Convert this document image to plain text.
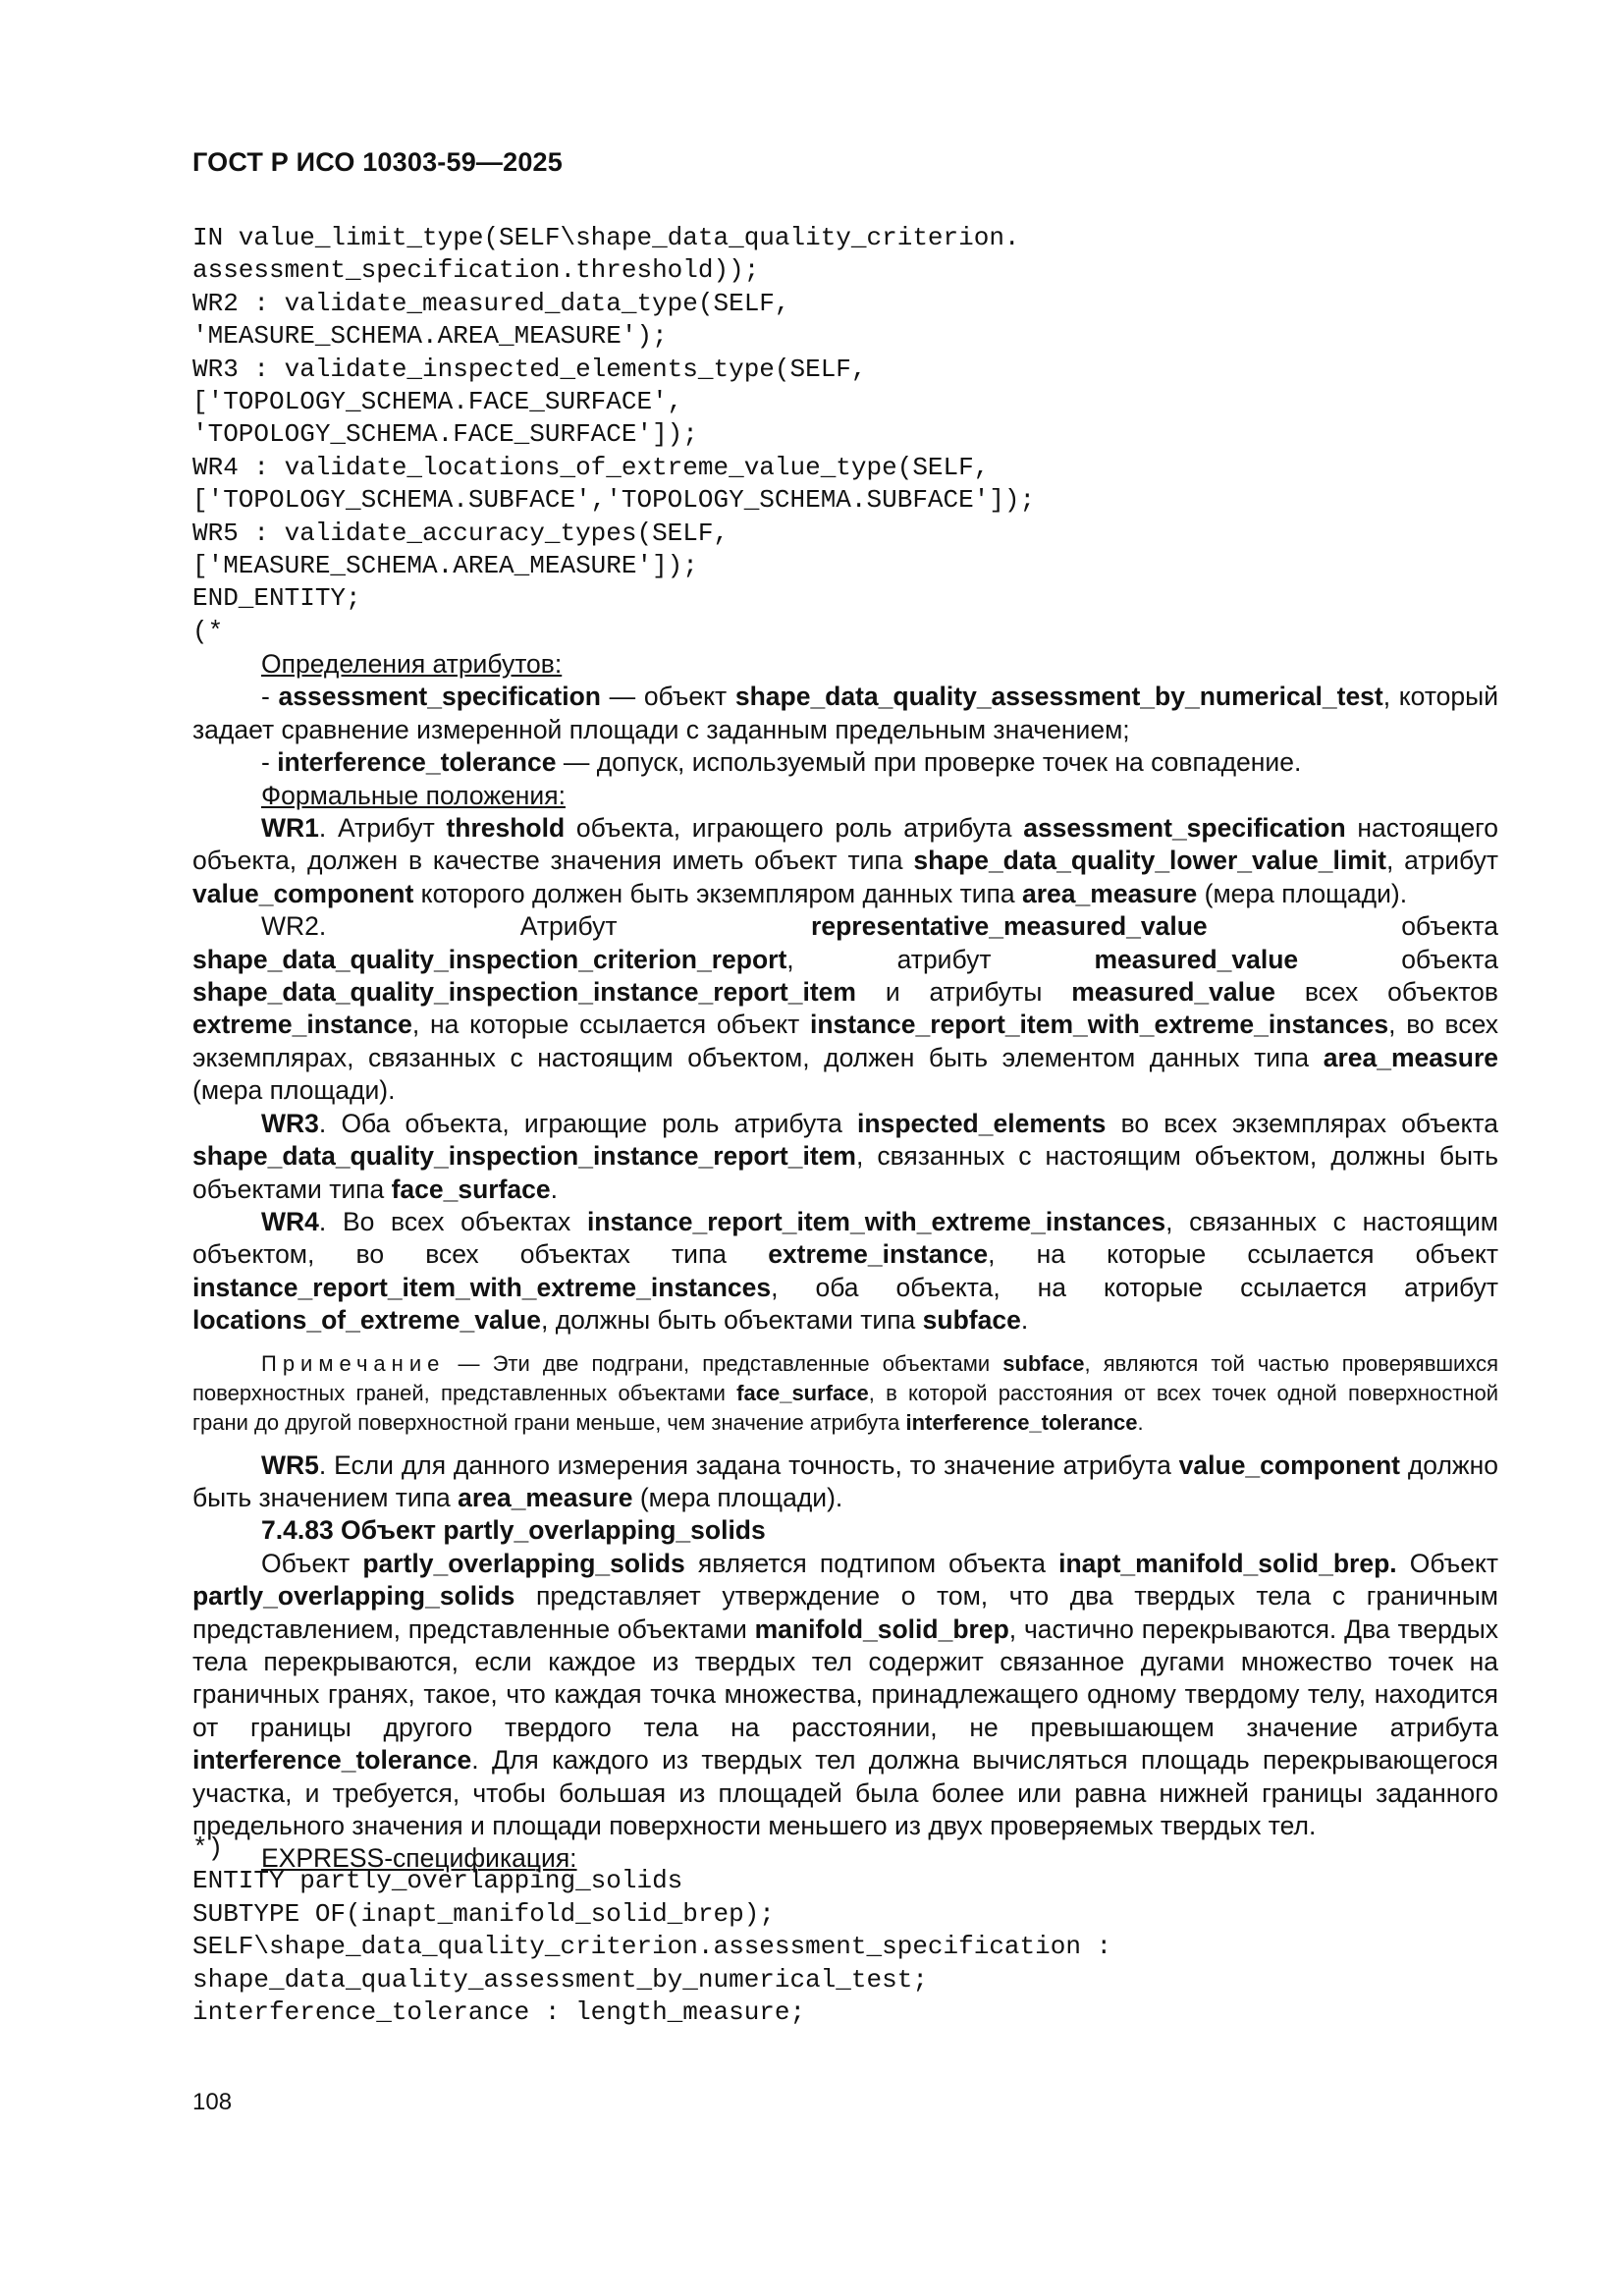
ГОСТ Р ИСО 10303-59—2025
IN value_limit_type(SELF\shape_data_quality_criterion.
assessment_specification.threshold));
WR2 : validate_measured_data_type(SELF,
'MEASURE_SCHEMA.AREA_MEASURE');
WR3 : validate_inspected_elements_type(SELF,
['TOPOLOGY_SCHEMA.FACE_SURFACE',
'TOPOLOGY_SCHEMA.FACE_SURFACE']);
WR4 : validate_locations_of_extreme_value_type(SELF,
['TOPOLOGY_SCHEMA.SUBFACE','TOPOLOGY_SCHEMA.SUBFACE']);
WR5 : validate_accuracy_types(SELF,
['MEASURE_SCHEMA.AREA_MEASURE']);
END_ENTITY;
(*

Определения атрибутов:

- assessment_specification — объект shape_data_quality_assessment_by_numerical_test, который задает сравнение измеренной площади с заданным предельным значением;

- interference_tolerance — допуск, используемый при проверке точек на совпадение.

Формальные положения:

WR1. Атрибут threshold объекта, играющего роль атрибута assessment_specification настоящего объекта, должен в качестве значения иметь объект типа shape_data_quality_lower_value_limit, атрибут value_component которого должен быть экземпляром данных типа area_measure (мера площади).

WR2. Атрибут representative_measured_value объекта shape_data_quality_inspection_criterion_report, атрибут measured_value объекта shape_data_quality_inspection_instance_report_item и атрибуты measured_value всех объектов extreme_instance, на которые ссылается объект instance_report_item_with_extreme_instances, во всех экземплярах, связанных с настоящим объектом, должен быть элементом данных типа area_measure (мера площади).

WR3. Оба объекта, играющие роль атрибута inspected_elements во всех экземплярах объекта shape_data_quality_inspection_instance_report_item, связанных с настоящим объектом, должны быть объектами типа face_surface.

WR4. Во всех объектах instance_report_item_with_extreme_instances, связанных с настоящим объектом, во всех объектах типа extreme_instance, на которые ссылается объект instance_report_item_with_extreme_instances, оба объекта, на которые ссылается атрибут locations_of_extreme_value, должны быть объектами типа subface.

Примечание — Эти две подграни, представленные объектами subface, являются той частью проверявшихся поверхностных граней, представленных объектами face_surface, в которой расстояния от всех точек одной поверхностной грани до другой поверхностной грани меньше, чем значение атрибута interference_tolerance.

WR5. Если для данного измерения задана точность, то значение атрибута value_component должно быть значением типа area_measure (мера площади).

7.4.83 Объект partly_overlapping_solids

Объект partly_overlapping_solids является подтипом объекта inapt_manifold_solid_brep. Объект partly_overlapping_solids представляет утверждение о том, что два твердых тела с граничным представлением, представленные объектами manifold_solid_brep, частично перекрываются. Два твердых тела перекрываются, если каждое из твердых тел содержит связанное дугами множество точек на граничных гранях, такое, что каждая точка множества, принадлежащего одному твердому телу, находится от границы другого твердого тела на расстоянии, не превышающем значение атрибута interference_tolerance. Для каждого из твердых тел должна вычисляться площадь перекрывающегося участка, и требуется, чтобы большая из площадей была более или равна нижней границы заданного предельного значения и площади поверхности меньшего из двух проверяемых твердых тел.

EXPRESS-спецификация:

*)
ENTITY partly_overlapping_solids
SUBTYPE OF(inapt_manifold_solid_brep);
SELF\shape_data_quality_criterion.assessment_specification :
shape_data_quality_assessment_by_numerical_test;
interference_tolerance : length_measure;
108
